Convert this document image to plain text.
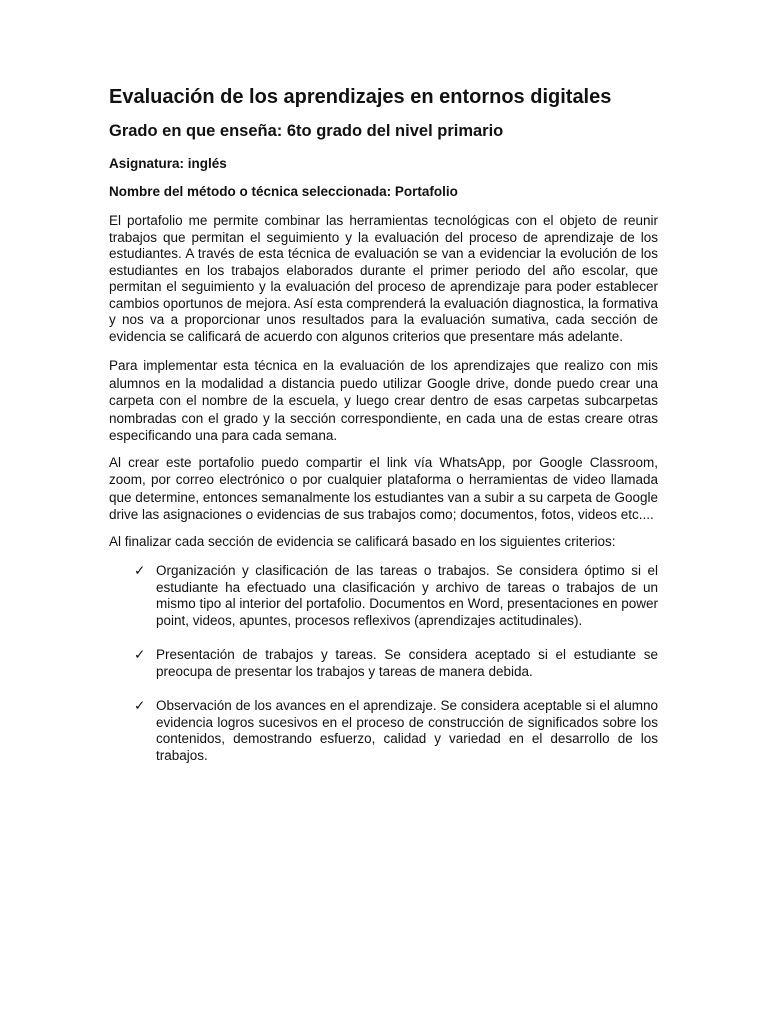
Evaluación de los aprendizajes en entornos digitales
Grado en que enseña: 6to grado del nivel primario
Asignatura: inglés
Nombre del método o técnica seleccionada: Portafolio

El portafolio me permite combinar las herramientas tecnológicas con el objeto de reunir trabajos que permitan el seguimiento y la evaluación del proceso de aprendizaje de los estudiantes. A través de esta técnica de evaluación se van a evidenciar la evolución de los estudiantes en los trabajos elaborados durante el primer periodo del año escolar, que permitan el seguimiento y la evaluación del proceso de aprendizaje para poder establecer cambios oportunos de mejora. Así esta comprenderá la evaluación diagnostica, la formativa y nos va a proporcionar unos resultados para la evaluación sumativa, cada sección de evidencia se calificará de acuerdo con algunos criterios que presentare más adelante.

Para implementar esta técnica en la evaluación de los aprendizajes que realizo con mis alumnos en la modalidad a distancia puedo utilizar Google drive, donde puedo crear una carpeta con el nombre de la escuela, y luego crear dentro de esas carpetas subcarpetas nombradas con el grado y la sección correspondiente, en cada una de estas creare otras especificando una para cada semana.

Al crear este portafolio puedo compartir el link vía WhatsApp, por Google Classroom, zoom, por correo electrónico o por cualquier plataforma o herramientas de video llamada que determine, entonces semanalmente los estudiantes van a subir a su carpeta de Google drive las asignaciones o evidencias de sus trabajos como; documentos, fotos, videos etc....

Al finalizar cada sección de evidencia se calificará basado en los siguientes criterios:

✓ Organización y clasificación de las tareas o trabajos. Se considera óptimo si el estudiante ha efectuado una clasificación y archivo de tareas o trabajos de un mismo tipo al interior del portafolio. Documentos en Word, presentaciones en power point, videos, apuntes, procesos reflexivos (aprendizajes actitudinales).
✓ Presentación de trabajos y tareas. Se considera aceptado si el estudiante se preocupa de presentar los trabajos y tareas de manera debida.
✓ Observación de los avances en el aprendizaje. Se considera aceptable si el alumno evidencia logros sucesivos en el proceso de construcción de significados sobre los contenidos, demostrando esfuerzo, calidad y variedad en el desarrollo de los trabajos.
